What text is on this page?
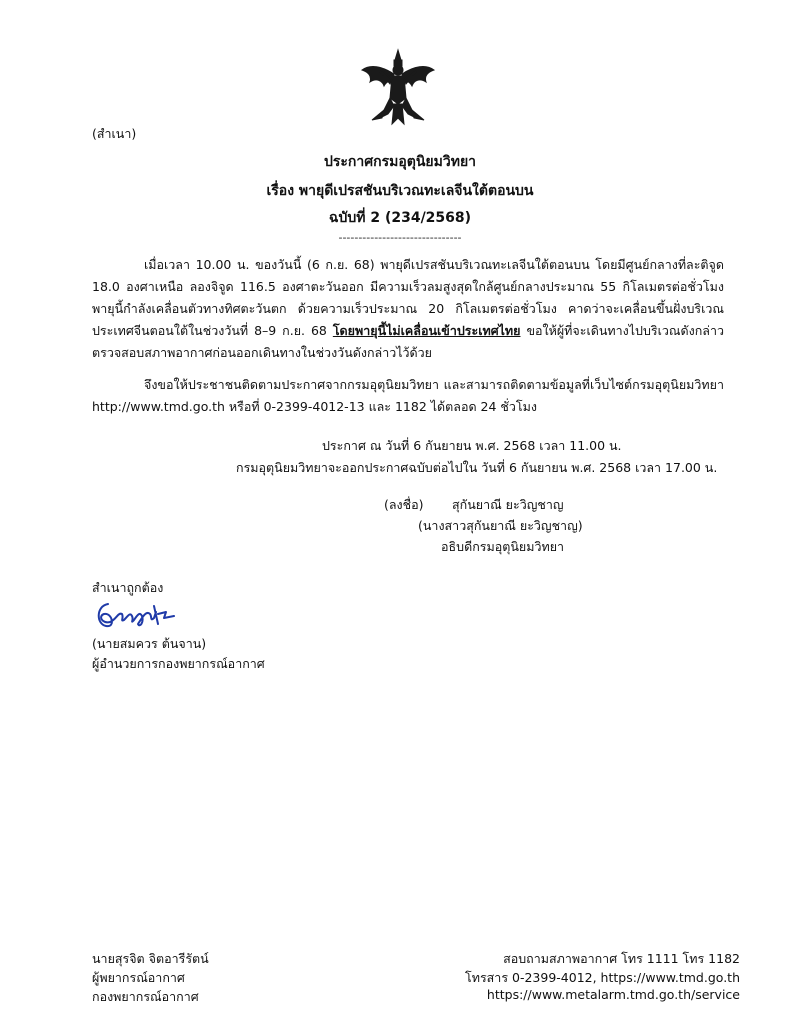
(สำเนา)
ประกาศกรมอุตุนิยมวิทยา
เรื่อง พายุดีเปรสชันบริเวณทะเลจีนใต้ตอนบน
ฉบับที่ 2 (234/2568)
-------------------------------
เมื่อเวลา 10.00 น. ของวันนี้ (6 ก.ย. 68) พายุดีเปรสชันบริเวณทะเลจีนใต้ตอนบน โดยมีศูนย์กลางที่ละติจูด 18.0 องศาเหนือ ลองจิจูด 116.5 องศาตะวันออก มีความเร็วลมสูงสุดใกล้ศูนย์กลางประมาณ 55 กิโลเมตรต่อชั่วโมง พายุนี้กำลังเคลื่อนตัวทางทิศตะวันตก ด้วยความเร็วประมาณ 20 กิโลเมตรต่อชั่วโมง คาดว่าจะเคลื่อนขึ้นฝั่งบริเวณประเทศจีนตอนใต้ในช่วงวันที่ 8–9 ก.ย. 68 โดยพายุนี้ไม่เคลื่อนเข้าประเทศไทย ขอให้ผู้ที่จะเดินทางไปบริเวณดังกล่าวตรวจสอบสภาพอากาศก่อนออกเดินทางในช่วงวันดังกล่าวไว้ด้วย
จึงขอให้ประชาชนติดตามประกาศจากกรมอุตุนิยมวิทยา และสามารถติดตามข้อมูลที่เว็บไซต์กรมอุตุนิยมวิทยา http://www.tmd.go.th หรือที่ 0-2399-4012-13 และ 1182 ได้ตลอด 24 ชั่วโมง
ประกาศ ณ วันที่ 6 กันยายน พ.ศ. 2568 เวลา 11.00 น.
กรมอุตุนิยมวิทยาจะออกประกาศฉบับต่อไปใน วันที่ 6 กันยายน พ.ศ. 2568 เวลา 17.00 น.
(ลงชื่อ) สุกันยาณี ยะวิญชาญ
(นางสาวสุกันยาณี ยะวิญชาญ)
อธิบดีกรมอุตุนิยมวิทยา
สำเนาถูกต้อง
(นายสมควร ต้นจาน)
ผู้อำนวยการกองพยากรณ์อากาศ
นายสุรจิต จิตอารีรัตน์
ผู้พยากรณ์อากาศ
กองพยากรณ์อากาศ
สอบถามสภาพอากาศ โทร 1111 โทร 1182
โทรสาร 0-2399-4012, https://www.tmd.go.th
https://www.metalarm.tmd.go.th/service
